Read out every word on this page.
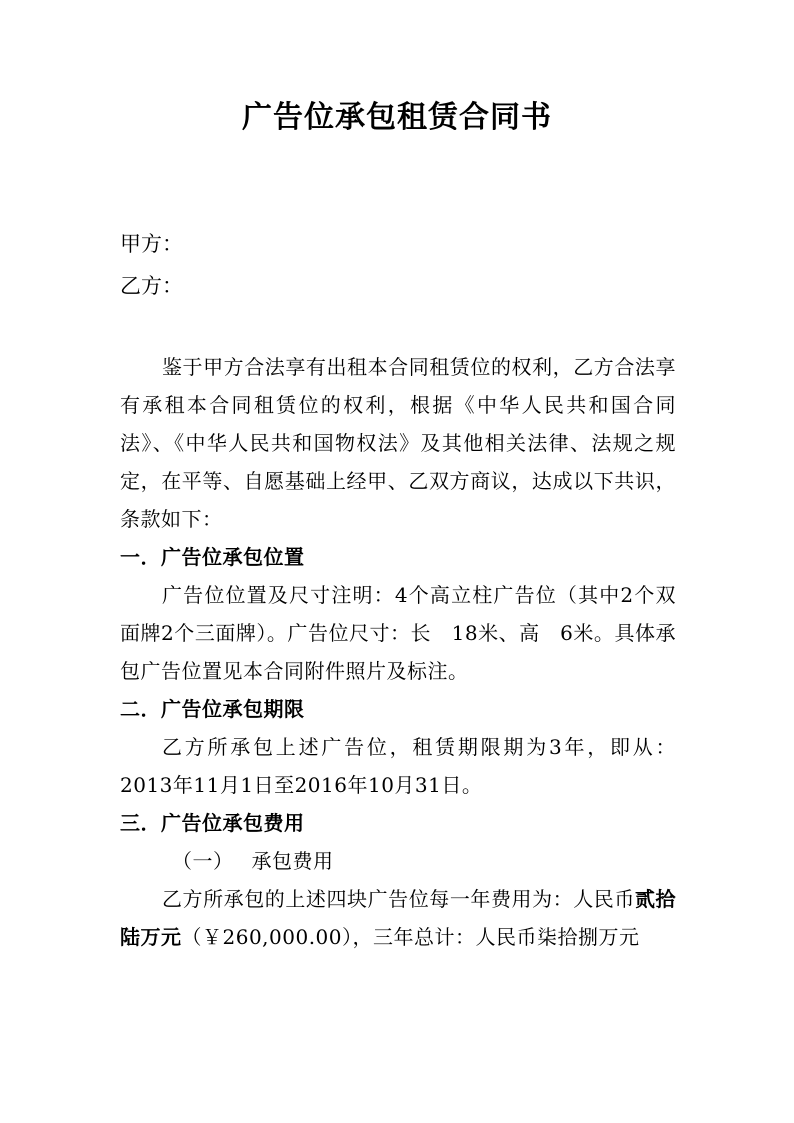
广告位承包租赁合同书
甲方：
乙方：

鉴于甲方合法享有出租本合同租赁位的权利，乙方合法享有承租本合同租赁位的权利，根据《中华人民共和国合同法》、《中华人民共和国物权法》及其他相关法律、法规之规定，在平等、自愿基础上经甲、乙双方商议，达成以下共识，条款如下：

一．广告位承包位置

广告位位置及尺寸注明：4个高立柱广告位（其中2个双面牌2个三面牌）。广告位尺寸：长　18米、高　6米。具体承包广告位置见本合同附件照片及标注。

二．广告位承包期限

乙方所承包上述广告位，租赁期限期为3年，即从：2013年11月1日至2016年10月31日。

三．广告位承包费用

（一） 承包费用

乙方所承包的上述四块广告位每一年费用为：人民币贰拾陆万元（￥260,000.00），三年总计：人民币柒拾捌万元
